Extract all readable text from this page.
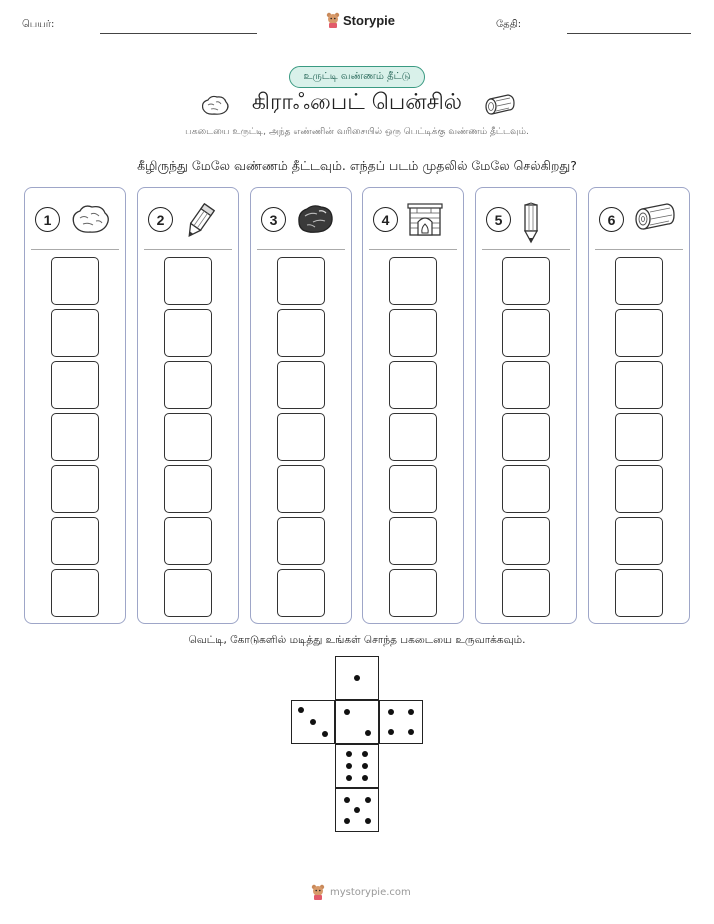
பெயர்:	Storypie	தேதி:
உருட்டி வண்ணம் தீட்டு
கிராஃபைட் பென்சில்
பகடையை உருட்டி, அந்த எண்ணின் வரிசையில் ஒரு பெட்டிக்கு வண்ணம் தீட்டவும்.
கீழிருந்து மேலே வண்ணம் தீட்டவும். எந்தப் படம் முதலில் மேலே செல்கிறது?
1	2	3	4	5	6
வெட்டி, கோடுகளில் மடித்து உங்கள் சொந்த பகடையை உருவாக்கவும்.
mystorypie.com
